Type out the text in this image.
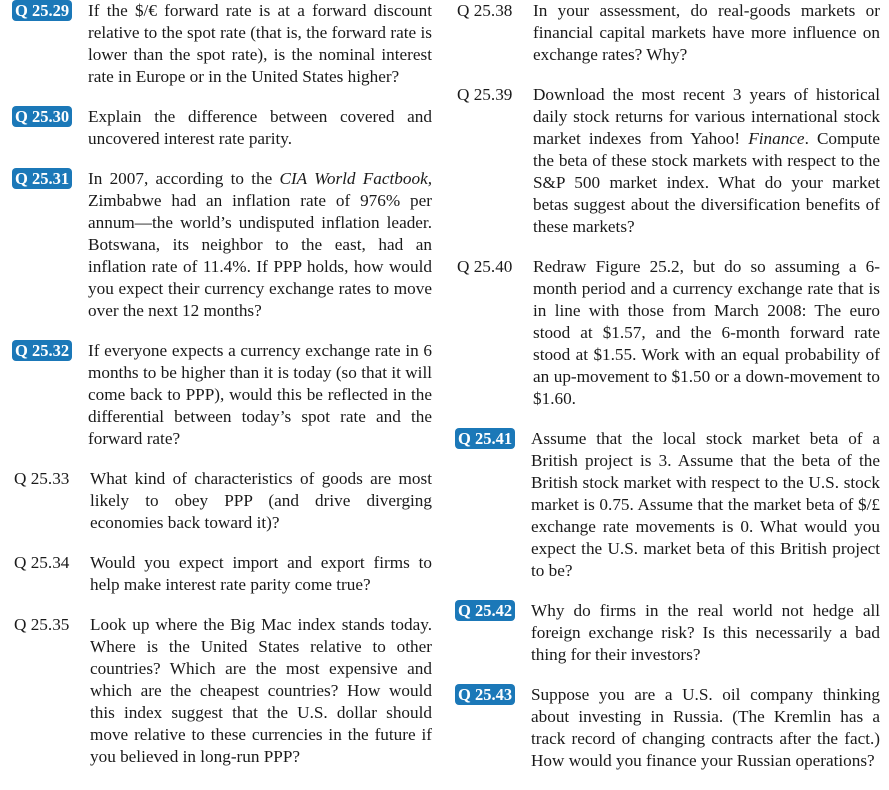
Q 25.29	If the $/€ forward rate is at a forward discount relative to the spot rate (that is, the forward rate is lower than the spot rate), is the nominal interest rate in Europe or in the United States higher?
Q 25.30	Explain the difference between covered and uncovered interest rate parity.
Q 25.31	In 2007, according to the CIA World Factbook, Zimbabwe had an inflation rate of 976% per annum—the world’s undisputed inflation leader. Botswana, its neighbor to the east, had an inflation rate of 11.4%. If PPP holds, how would you expect their currency exchange rates to move over the next 12 months?
Q 25.32	If everyone expects a currency exchange rate in 6 months to be higher than it is today (so that it will come back to PPP), would this be reflected in the differential between today’s spot rate and the forward rate?
Q 25.33	What kind of characteristics of goods are most likely to obey PPP (and drive diverging economies back toward it)?
Q 25.34	Would you expect import and export firms to help make interest rate parity come true?
Q 25.35	Look up where the Big Mac index stands today. Where is the United States relative to other countries? Which are the most expensive and which are the cheapest countries? How would this index suggest that the U.S. dollar should move relative to these currencies in the future if you believed in long-run PPP?
Q 25.38	In your assessment, do real-goods markets or financial capital markets have more influence on exchange rates? Why?
Q 25.39	Download the most recent 3 years of historical daily stock returns for various international stock market indexes from Yahoo! Finance. Compute the beta of these stock markets with respect to the S&P 500 market index. What do your market betas suggest about the diversification benefits of these markets?
Q 25.40	Redraw Figure 25.2, but do so assuming a 6-month period and a currency exchange rate that is in line with those from March 2008: The euro stood at $1.57, and the 6-month forward rate stood at $1.55. Work with an equal probability of an up-movement to $1.50 or a down-movement to $1.60.
Q 25.41	Assume that the local stock market beta of a British project is 3. Assume that the beta of the British stock market with respect to the U.S. stock market is 0.75. Assume that the market beta of $/£ exchange rate movements is 0. What would you expect the U.S. market beta of this British project to be?
Q 25.42	Why do firms in the real world not hedge all foreign exchange risk? Is this necessarily a bad thing for their investors?
Q 25.43	Suppose you are a U.S. oil company thinking about investing in Russia. (The Kremlin has a track record of changing contracts after the fact.) How would you finance your Russian operations?
